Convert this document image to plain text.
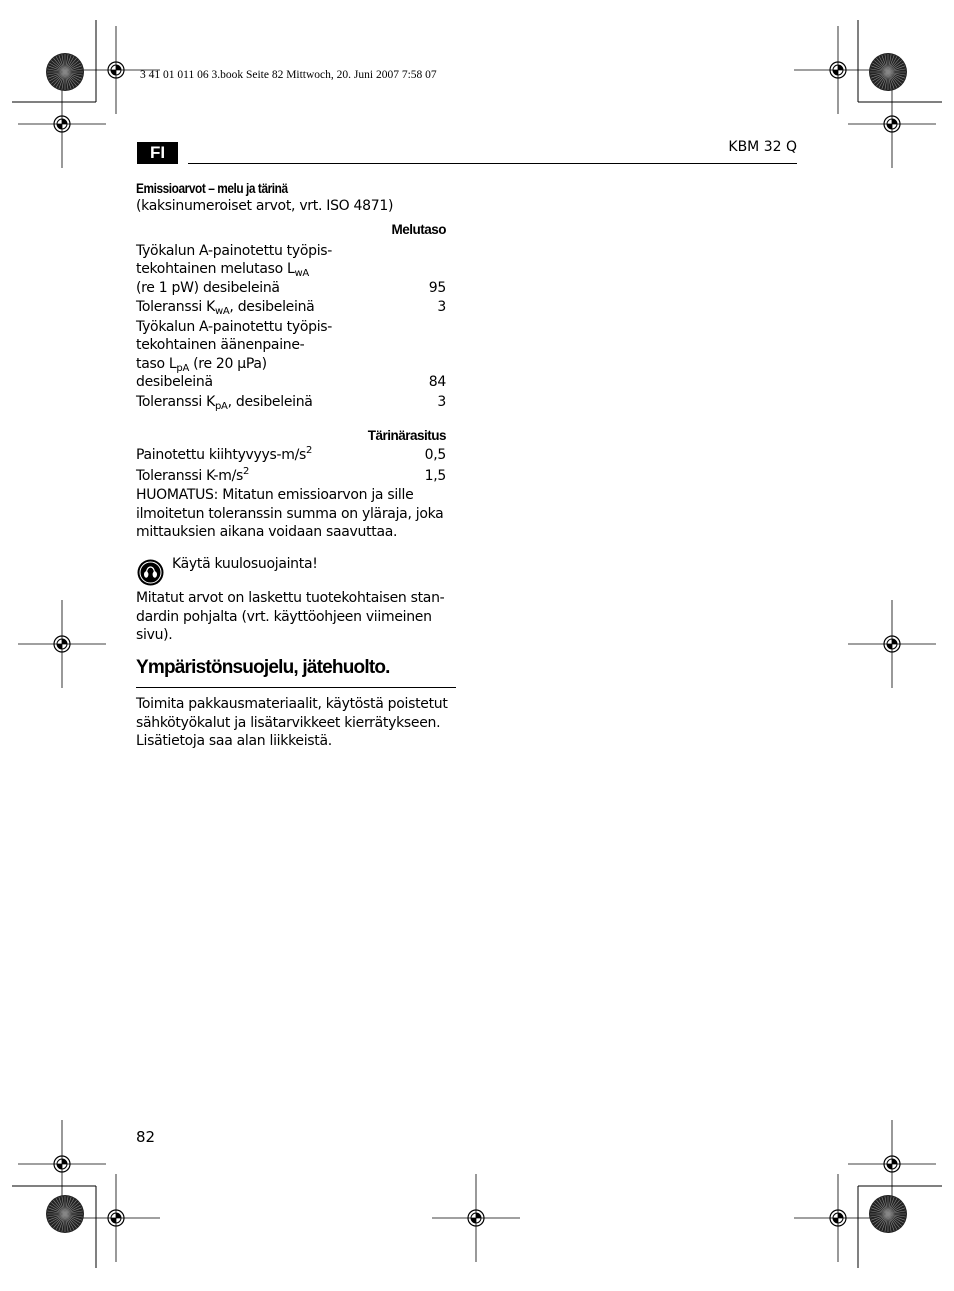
3 41 01 011 06 3.book Seite 82 Mittwoch, 20. Juni 2007 7:58 07
FI	KBM 32 Q
Emissioarvot – melu ja tärinä
(kaksinumeroiset arvot, vrt. ISO 4871)
Melutaso
Työkalun A-painotettu työpis-
tekohtainen melutaso $L_{wA}$
(re 1 pW) desibeleinä	95
Toleranssi $K_{wA}$, desibeleinä	3
Työkalun A-painotettu työpis-
tekohtainen äänenpaine-
taso $L_{pA}$ (re 20 µPa)
desibeleinä	84
Toleranssi $K_{pA}$, desibeleinä	3
Tärinärasitus
Painotettu kiihtyvyys-$m/s^2$	0,5
Toleranssi $K-m/s^2$	1,5
HUOMATUS: Mitatun emissioarvon ja sille
ilmoitetun toleranssin summa on yläraja, joka
mittauksien aikana voidaan saavuttaa.
Käytä kuulosuojainta!
Mitatut arvot on laskettu tuotekohtaisen stan-
dardin pohjalta (vrt. käyttöohjeen viimeinen
sivu).
Ympäristönsuojelu, jätehuolto.
Toimita pakkausmateriaalit, käytöstä poistetut
sähkötyökalut ja lisätarvikkeet kierrätykseen.
Lisätietoja saa alan liikkeistä.
82
